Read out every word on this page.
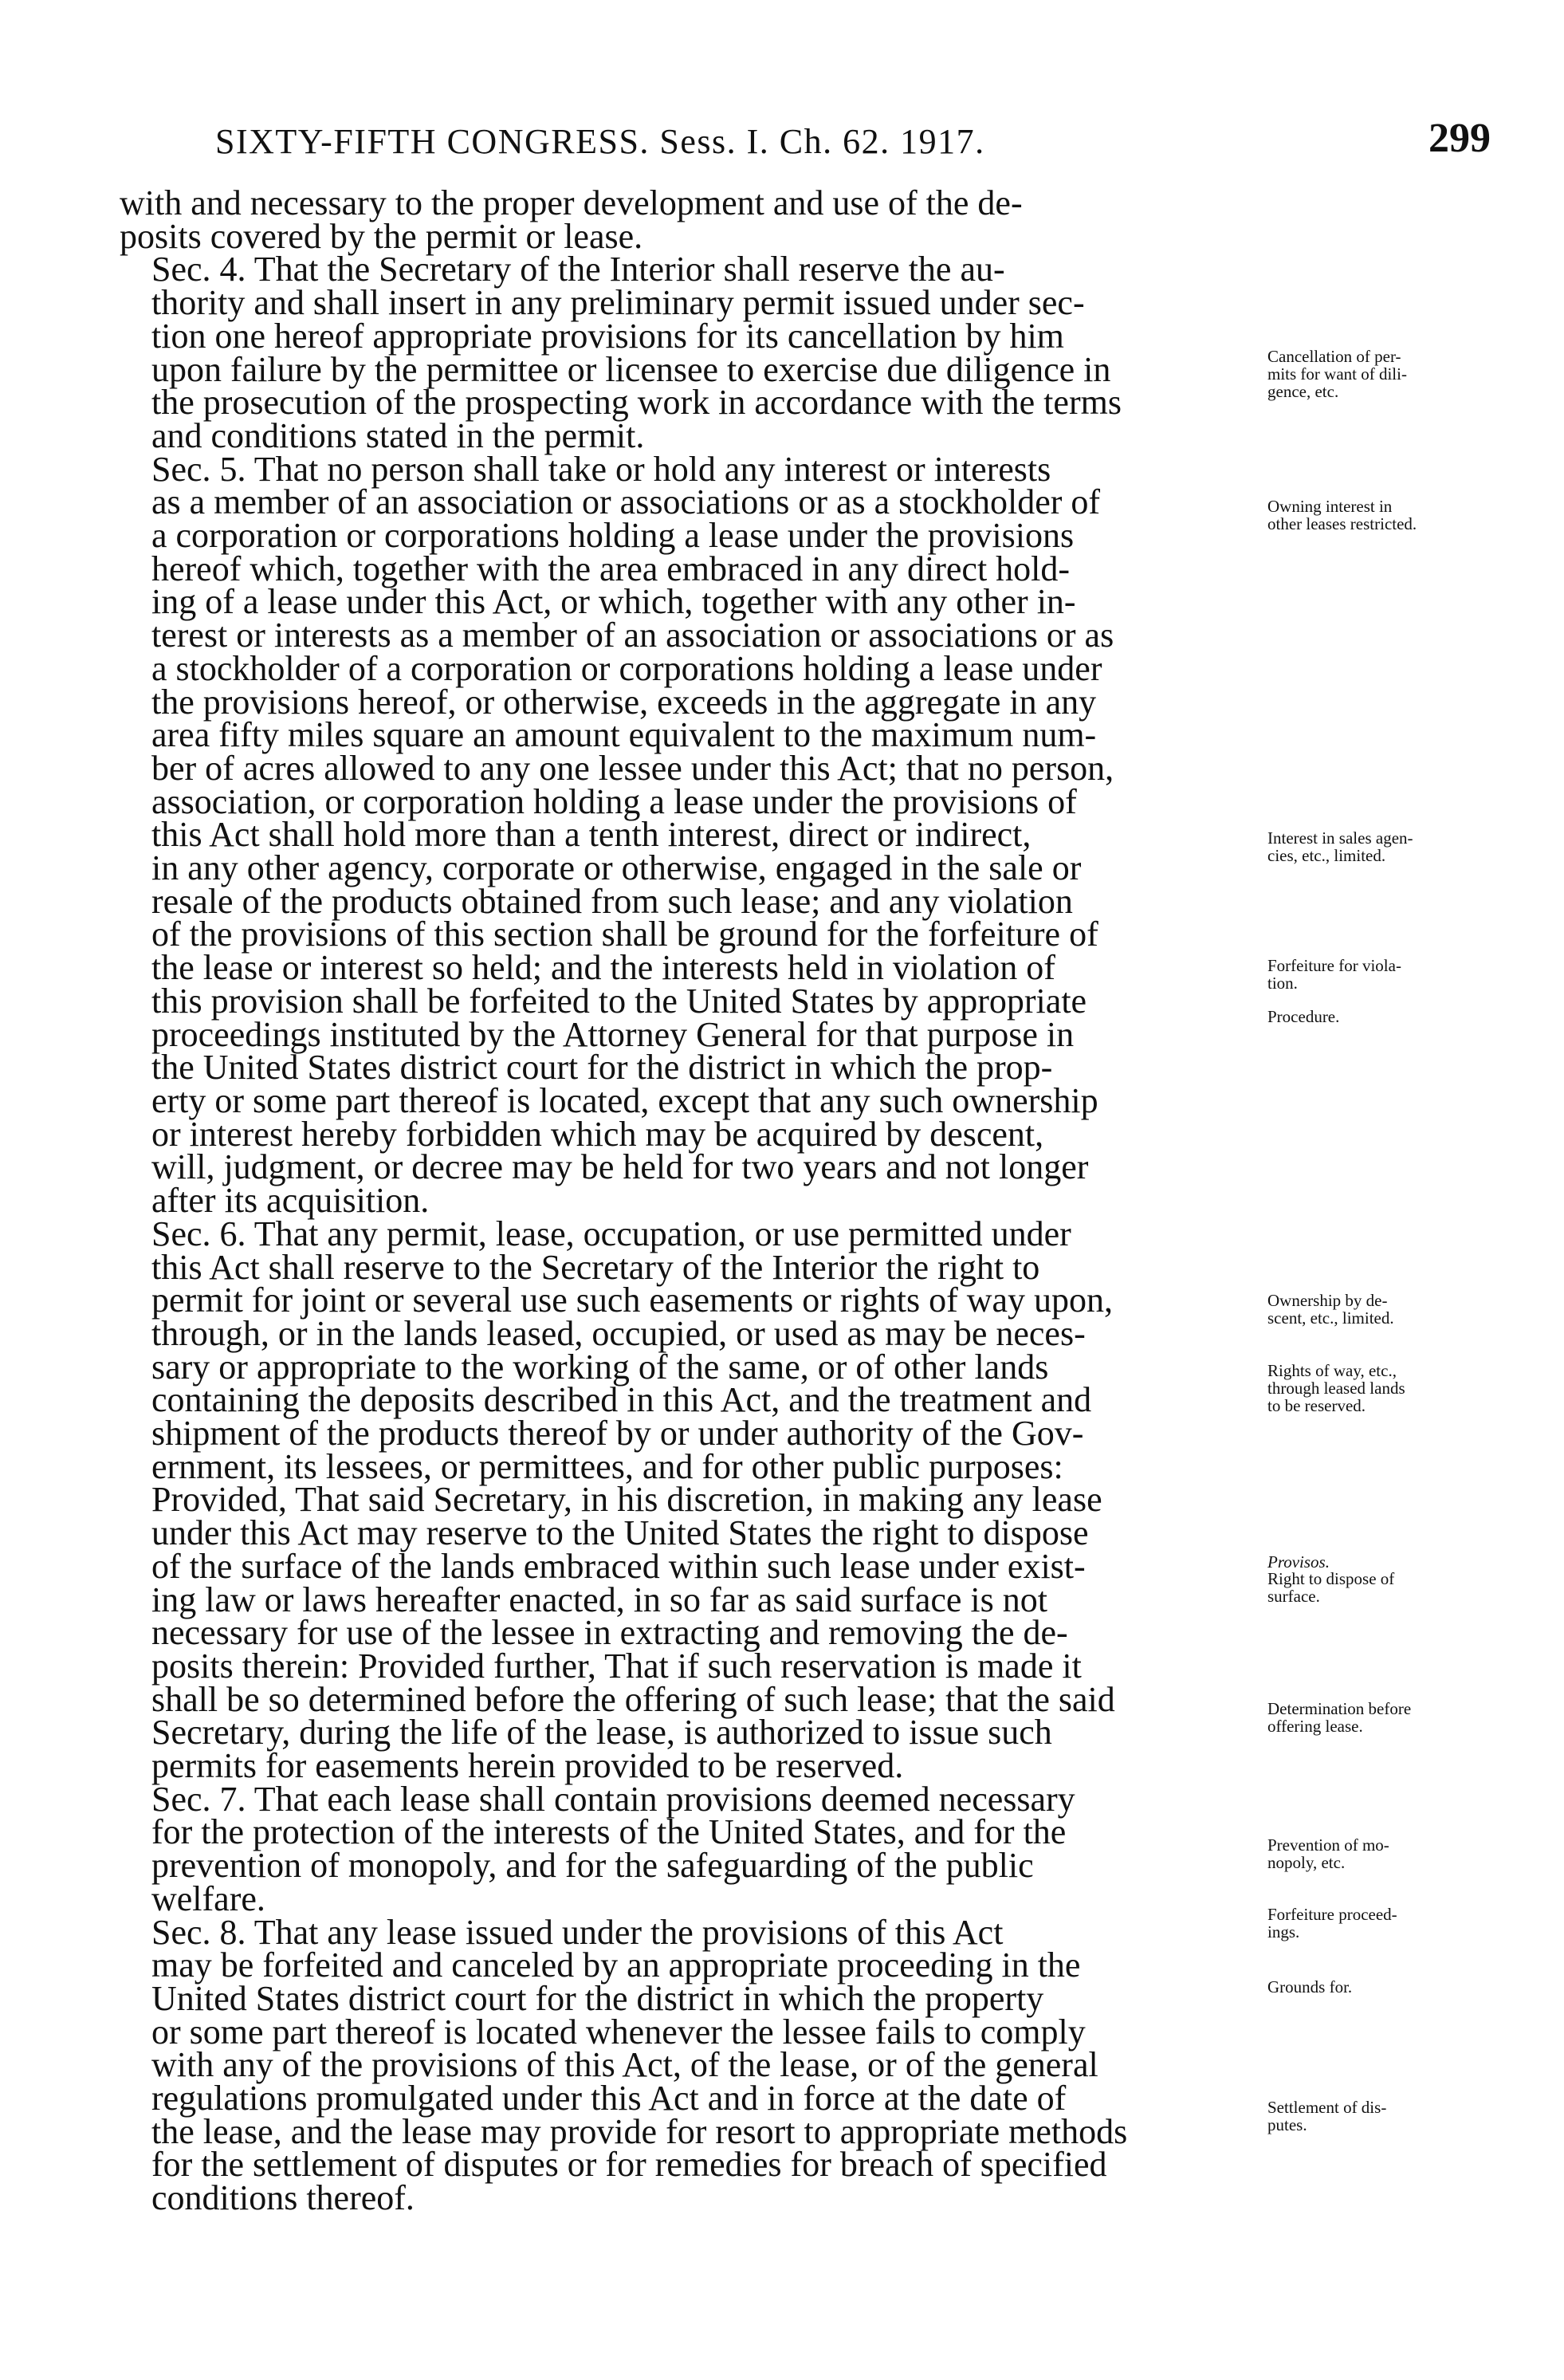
SIXTY-FIFTH CONGRESS. Sess. I. Ch. 62. 1917.	299

with and necessary to the proper development and use of the de-
posits covered by the permit or lease.

Sec. 4. That the Secretary of the Interior shall reserve the au-
thority and shall insert in any preliminary permit issued under sec-
tion one hereof appropriate provisions for its cancellation by him
upon failure by the permittee or licensee to exercise due diligence in
the prosecution of the prospecting work in accordance with the terms
and conditions stated in the permit.

Sec. 5. That no person shall take or hold any interest or interests
as a member of an association or associations or as a stockholder of
a corporation or corporations holding a lease under the provisions
hereof which, together with the area embraced in any direct hold-
ing of a lease under this Act, or which, together with any other in-
terest or interests as a member of an association or associations or as
a stockholder of a corporation or corporations holding a lease under
the provisions hereof, or otherwise, exceeds in the aggregate in any
area fifty miles square an amount equivalent to the maximum num-
ber of acres allowed to any one lessee under this Act; that no person,
association, or corporation holding a lease under the provisions of
this Act shall hold more than a tenth interest, direct or indirect,
in any other agency, corporate or otherwise, engaged in the sale or
resale of the products obtained from such lease; and any violation
of the provisions of this section shall be ground for the forfeiture of
the lease or interest so held; and the interests held in violation of
this provision shall be forfeited to the United States by appropriate
proceedings instituted by the Attorney General for that purpose in
the United States district court for the district in which the prop-
erty or some part thereof is located, except that any such ownership
or interest hereby forbidden which may be acquired by descent,
will, judgment, or decree may be held for two years and not longer
after its acquisition.

Sec. 6. That any permit, lease, occupation, or use permitted under
this Act shall reserve to the Secretary of the Interior the right to
permit for joint or several use such easements or rights of way upon,
through, or in the lands leased, occupied, or used as may be neces-
sary or appropriate to the working of the same, or of other lands
containing the deposits described in this Act, and the treatment and
shipment of the products thereof by or under authority of the Gov-
ernment, its lessees, or permittees, and for other public purposes:
Provided, That said Secretary, in his discretion, in making any lease
under this Act may reserve to the United States the right to dispose
of the surface of the lands embraced within such lease under exist-
ing law or laws hereafter enacted, in so far as said surface is not
necessary for use of the lessee in extracting and removing the de-
posits therein: Provided further, That if such reservation is made it
shall be so determined before the offering of such lease; that the said
Secretary, during the life of the lease, is authorized to issue such
permits for easements herein provided to be reserved.

Sec. 7. That each lease shall contain provisions deemed necessary
for the protection of the interests of the United States, and for the
prevention of monopoly, and for the safeguarding of the public
welfare.

Sec. 8. That any lease issued under the provisions of this Act
may be forfeited and canceled by an appropriate proceeding in the
United States district court for the district in which the property
or some part thereof is located whenever the lessee fails to comply
with any of the provisions of this Act, of the lease, or of the general
regulations promulgated under this Act and in force at the date of
the lease, and the lease may provide for resort to appropriate methods
for the settlement of disputes or for remedies for breach of specified
conditions thereof.

Cancellation of per-
mits for want of dili-
gence, etc.
Owning interest in
other leases restricted.
Interest in sales agen-
cies, etc., limited.
Forfeiture for viola-
tion.
Procedure.
Ownership by de-
scent, etc., limited.
Rights of way, etc.,
through leased lands
to be reserved.
Provisos.
Right to dispose of
surface.
Determination before
offering lease.
Prevention of mo-
nopoly, etc.
Forfeiture proceed-
ings.
Grounds for.
Settlement of dis-
putes.
